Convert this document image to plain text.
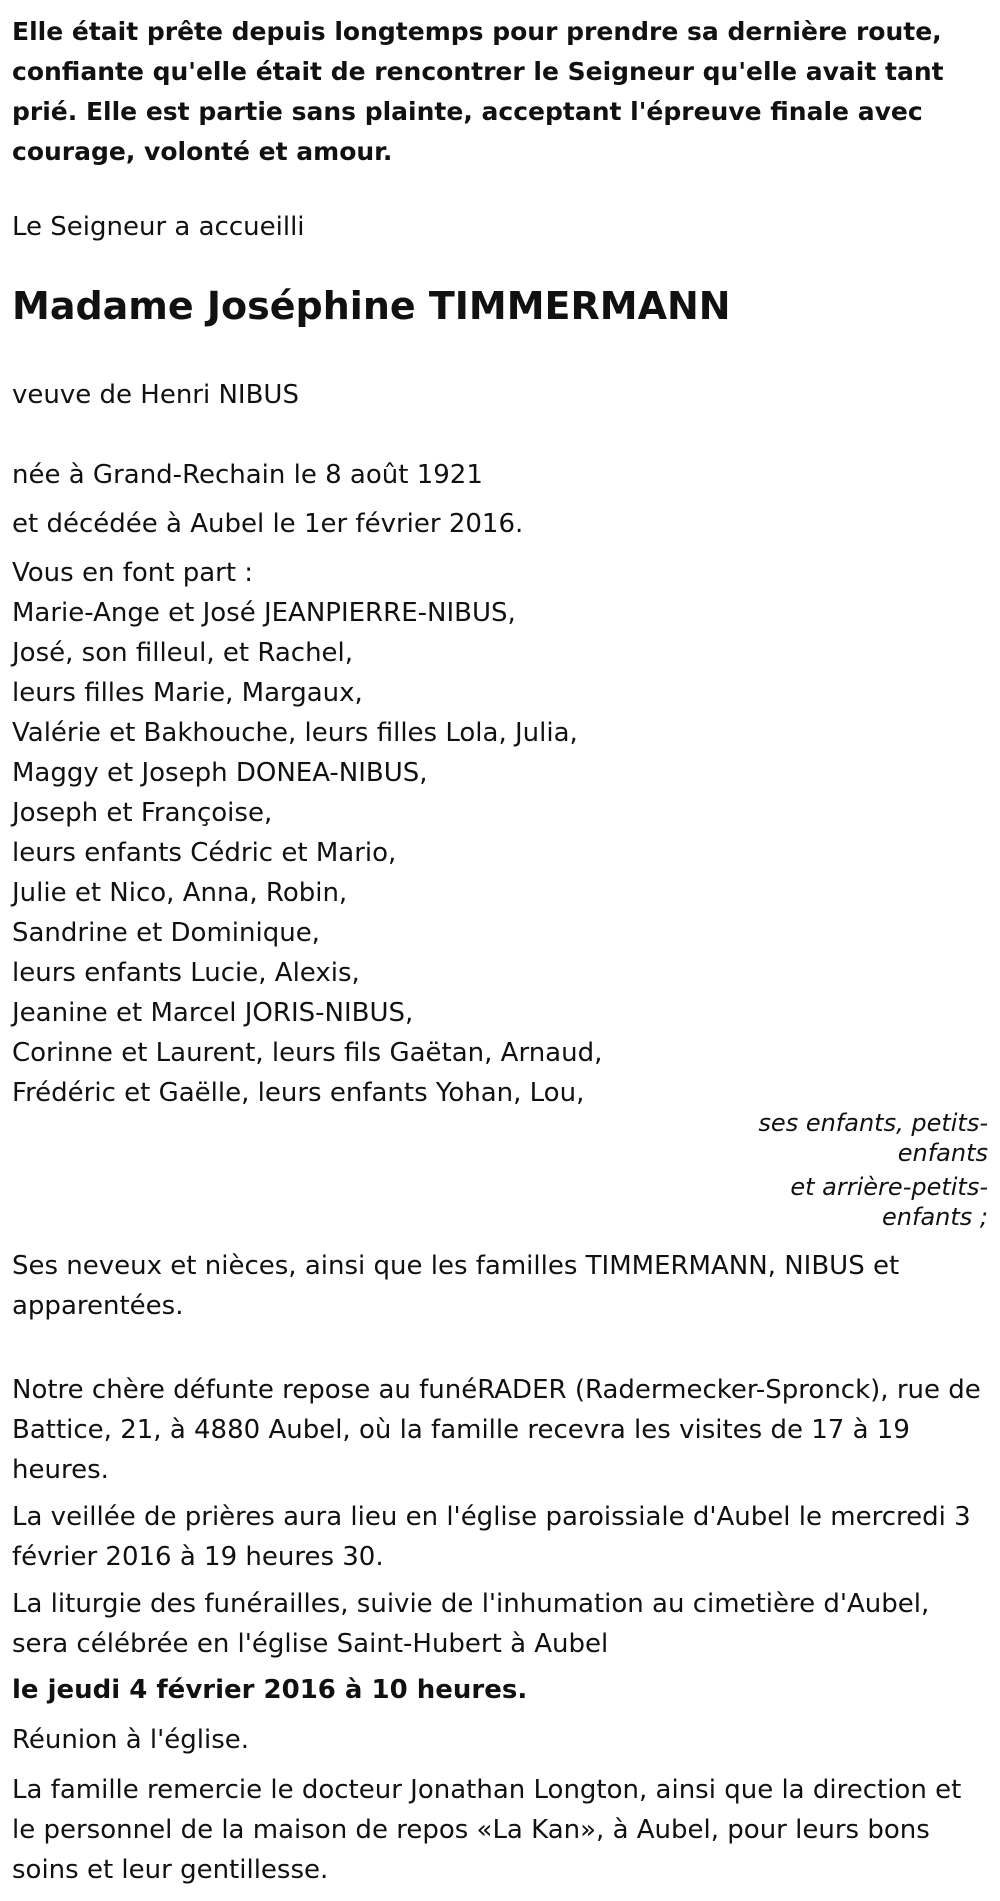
Elle était prête depuis longtemps pour prendre sa dernière route, confiante qu'elle était de rencontrer le Seigneur qu'elle avait tant prié. Elle est partie sans plainte, acceptant l'épreuve finale avec courage, volonté et amour.
Le Seigneur a accueilli
Madame Joséphine TIMMERMANN
veuve de Henri NIBUS
née à Grand-Rechain le 8 août 1921
et décédée à Aubel le 1er février 2016.
Vous en font part :
Marie-Ange et José JEANPIERRE-NIBUS,
José, son filleul, et Rachel,
leurs filles Marie, Margaux,
Valérie et Bakhouche, leurs filles Lola, Julia,
Maggy et Joseph DONEA-NIBUS,
Joseph et Françoise,
leurs enfants Cédric et Mario,
Julie et Nico, Anna, Robin,
Sandrine et Dominique,
leurs enfants Lucie, Alexis,
Jeanine et Marcel JORIS-NIBUS,
Corinne et Laurent, leurs fils Gaëtan, Arnaud,
Frédéric et Gaëlle, leurs enfants Yohan, Lou,
ses enfants, petits-enfants
et arrière-petits-enfants ;
Ses neveux et nièces, ainsi que les familles TIMMERMANN, NIBUS et apparentées.
Notre chère défunte repose au funéRADER (Radermecker-Spronck), rue de Battice, 21, à 4880 Aubel, où la famille recevra les visites de 17 à 19 heures.
La veillée de prières aura lieu en l'église paroissiale d'Aubel le mercredi 3 février 2016 à 19 heures 30.
La liturgie des funérailles, suivie de l'inhumation au cimetière d'Aubel, sera célébrée en l'église Saint-Hubert à Aubel
le jeudi 4 février 2016 à 10 heures.
Réunion à l'église.
La famille remercie le docteur Jonathan Longton, ainsi que la direction et le personnel de la maison de repos «La Kan», à Aubel, pour leurs bons soins et leur gentillesse.
